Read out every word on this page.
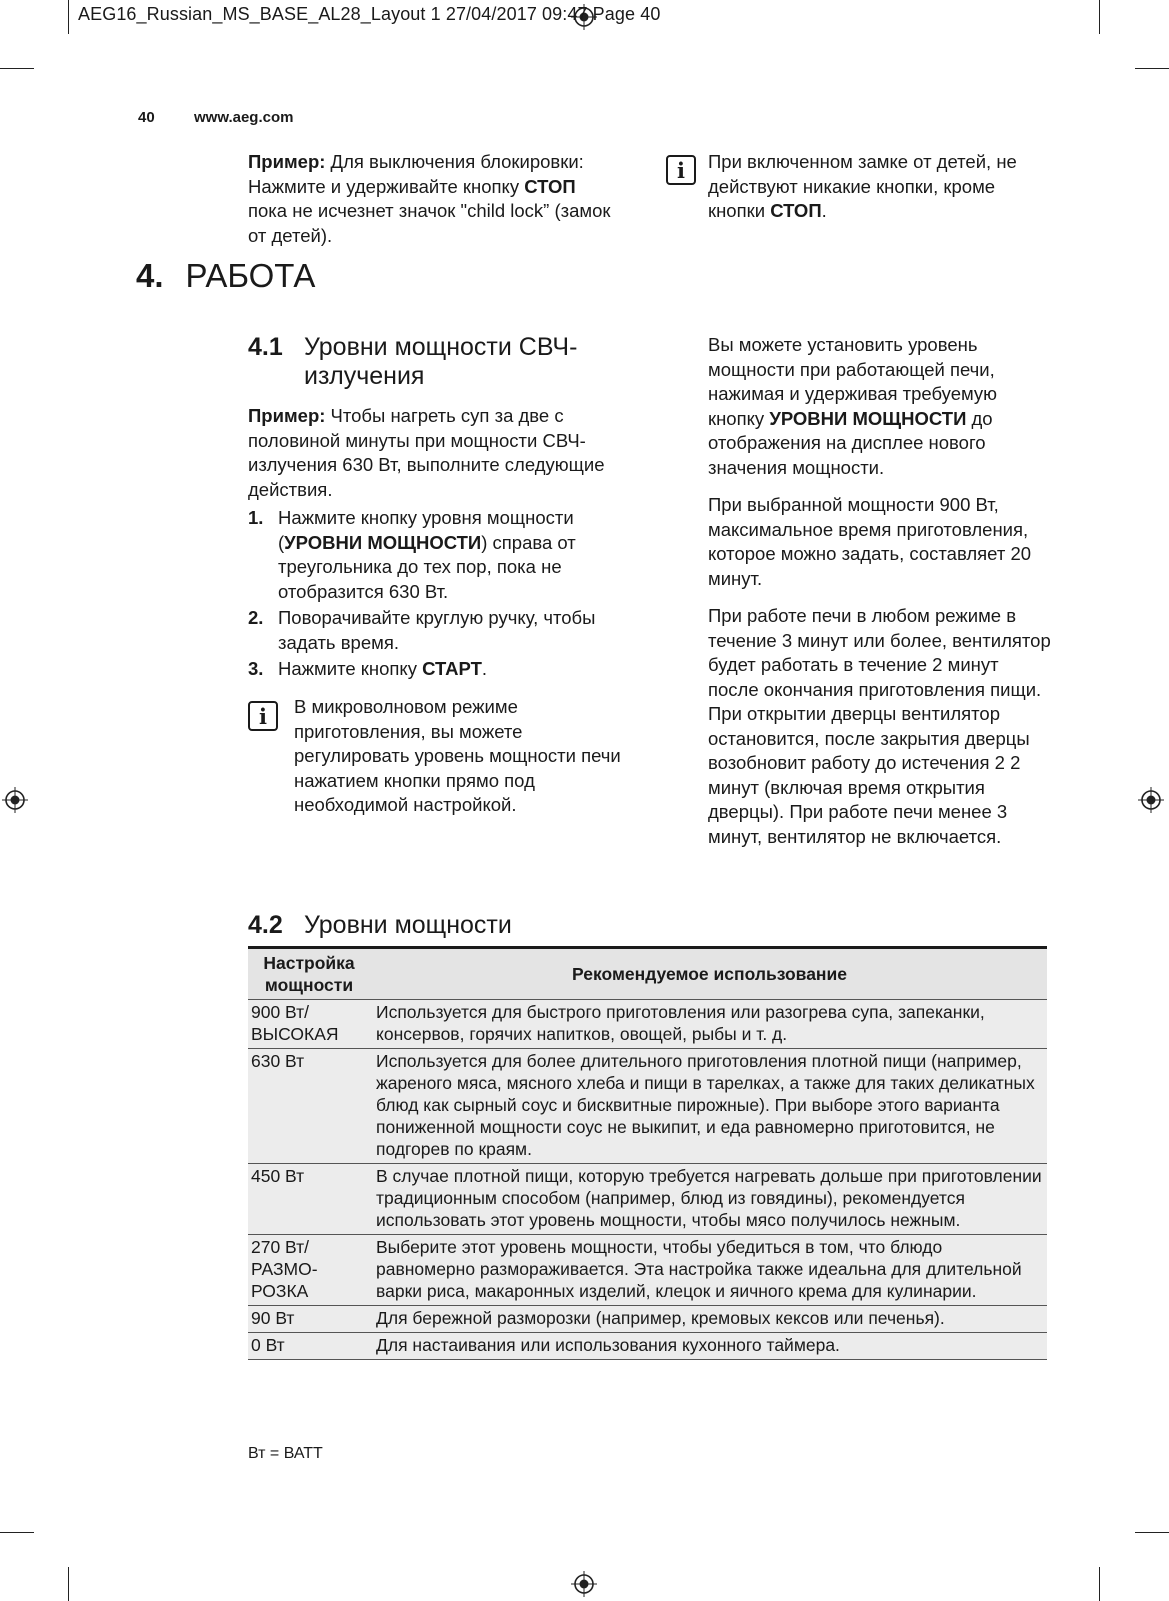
AEG16_Russian_MS_BASE_AL28_Layout 1 27/04/2017 09:47 Page 40
40	www.aeg.com

Пример: Для выключения блокировки: Нажмите и удерживайте кнопку СТОП пока не исчезнет значок "child lock” (замок от детей).

i	При включенном замке от детей, не действуют никакие кнопки, кроме кнопки СТОП.

4. РАБОТА
4.1 Уровни мощности СВЧ-
излучения

Пример: Чтобы нагреть суп за две с половиной минуты при мощности СВЧ-излучения 630 Вт, выполните следующие действия.

1. Нажмите кнопку уровня мощности (УРОВНИ МОЩНОСТИ) справа от треугольника до тех пор, пока не отобразится 630 Вт.
2. Поворачивайте круглую ручку, чтобы задать время.
3. Нажмите кнопку СТАРТ.
i	В микроволновом режиме приготовления, вы можете регулировать уровень мощности печи нажатием кнопки прямо под необходимой настройкой.

Вы можете установить уровень мощности при работающей печи, нажимая и удерживая требуемую кнопку УРОВНИ МОЩНОСТИ до отображения на дисплее нового значения мощности.

При выбранной мощности 900 Вт, максимальное время приготовления, которое можно задать, составляет 20 минут.

При работе печи в любом режиме в течение 3 минут или более, вентилятор будет работать в течение 2 минут после окончания приготовления пищи. При открытии дверцы вентилятор остановится, после закрытия дверцы возобновит работу до истечения 2 2 минут (включая время открытия дверцы). При работе печи менее 3 минут, вентилятор не включается.

4.2 Уровни мощности
Настройка мощности	Рекомендуемое использование
900 Вт/ ВЫСОКАЯ	Используется для быстрого приготовления или разогрева супа, запеканки, консервов, горячих напитков, овощей, рыбы и т. д.
630 Вт	Используется для более длительного приготовления плотной пищи (например, жареного мяса, мясного хлеба и пищи в тарелках, а также для таких деликатных блюд как сырный соус и бисквитные пирожные). При выборе этого варианта пониженной мощности соус не выкипит, и еда равномерно приготовится, не подгорев по краям.
450 Вт	В случае плотной пищи, которую требуется нагревать дольше при приготовлении традиционным способом (например, блюд из говядины), рекомендуется использовать этот уровень мощности, чтобы мясо получилось нежным.
270 Вт/ РАЗМО- РОЗКА	Выберите этот уровень мощности, чтобы убедиться в том, что блюдо равномерно размораживается. Эта настройка также идеальна для длительной варки риса, макаронных изделий, клецок и яичного крема для кулинарии.
90 Вт	Для бережной разморозки (например, кремовых кексов или печенья).
0 Вт	Для настаивания или использования кухонного таймера.
Вт = ВАТТ
